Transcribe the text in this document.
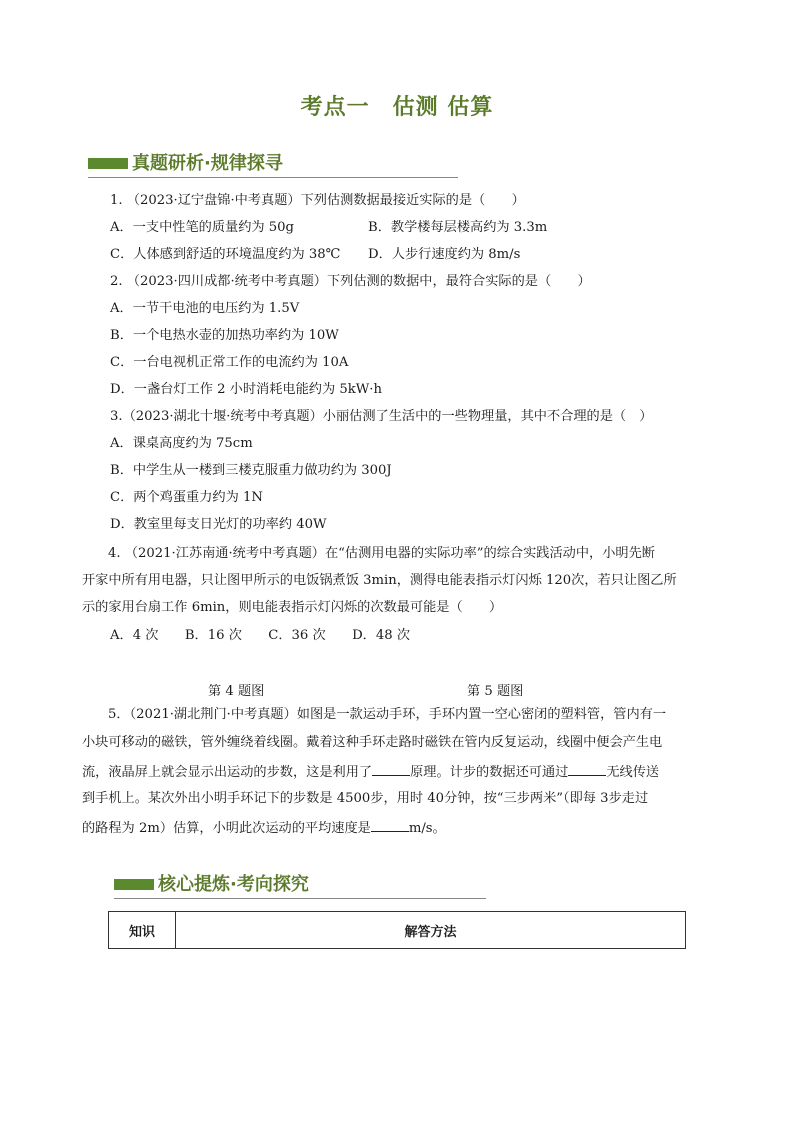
考点一　估测 估算
真题研析·规律探寻
1. （2023·辽宁盘锦·中考真题）下列估测数据最接近实际的是（　　）
A．一支中性笔的质量约为 50g	B．教学楼每层楼高约为 3.3m
C．人体感到舒适的环境温度约为 38℃ D．人步行速度约为 8m/s
2. （2023·四川成都·统考中考真题）下列估测的数据中，最符合实际的是（　　）
A．一节干电池的电压约为 1.5V
B．一个电热水壶的加热功率约为 10W
C．一台电视机正常工作的电流约为 10A
D．一盏台灯工作 2 小时消耗电能约为 5kW·h
3.（2023·湖北十堰·统考中考真题）小丽估测了生活中的一些物理量，其中不合理的是（　）
A．课桌高度约为 75cm
B．中学生从一楼到三楼克服重力做功约为 300J
C．两个鸡蛋重力约为 1N
D．教室里每支日光灯的功率约 40W
4. （2021·江苏南通·统考中考真题）在“估测用电器的实际功率”的综合实践活动中，小明先断
开家中所有用电器，只让图甲所示的电饭锅煮饭 3min，测得电能表指示灯闪烁 120次，若只让图乙所
示的家用台扇工作 6min，则电能表指示灯闪烁的次数最可能是（　　）
A．4 次　　B．16 次　　C．36 次　　D．48 次
第 4 题图	第 5 题图
5．（2021·湖北荆门·中考真题）如图是一款运动手环，手环内置一空心密闭的塑料管，管内有一
小块可移动的磁铁，管外缠绕着线圈。戴着这种手环走路时磁铁在管内反复运动，线圈中便会产生电
流，液晶屏上就会显示出运动的步数，这是利用了	原理。计步的数据还可通过	无线传送
到手机上。某次外出小明手环记下的步数是 4500步，用时 40分钟，按“三步两米”（即每 3步走过
的路程为 2m）估算，小明此次运动的平均速度是	m/s。
核心提炼·考向探究
知识	解答方法
